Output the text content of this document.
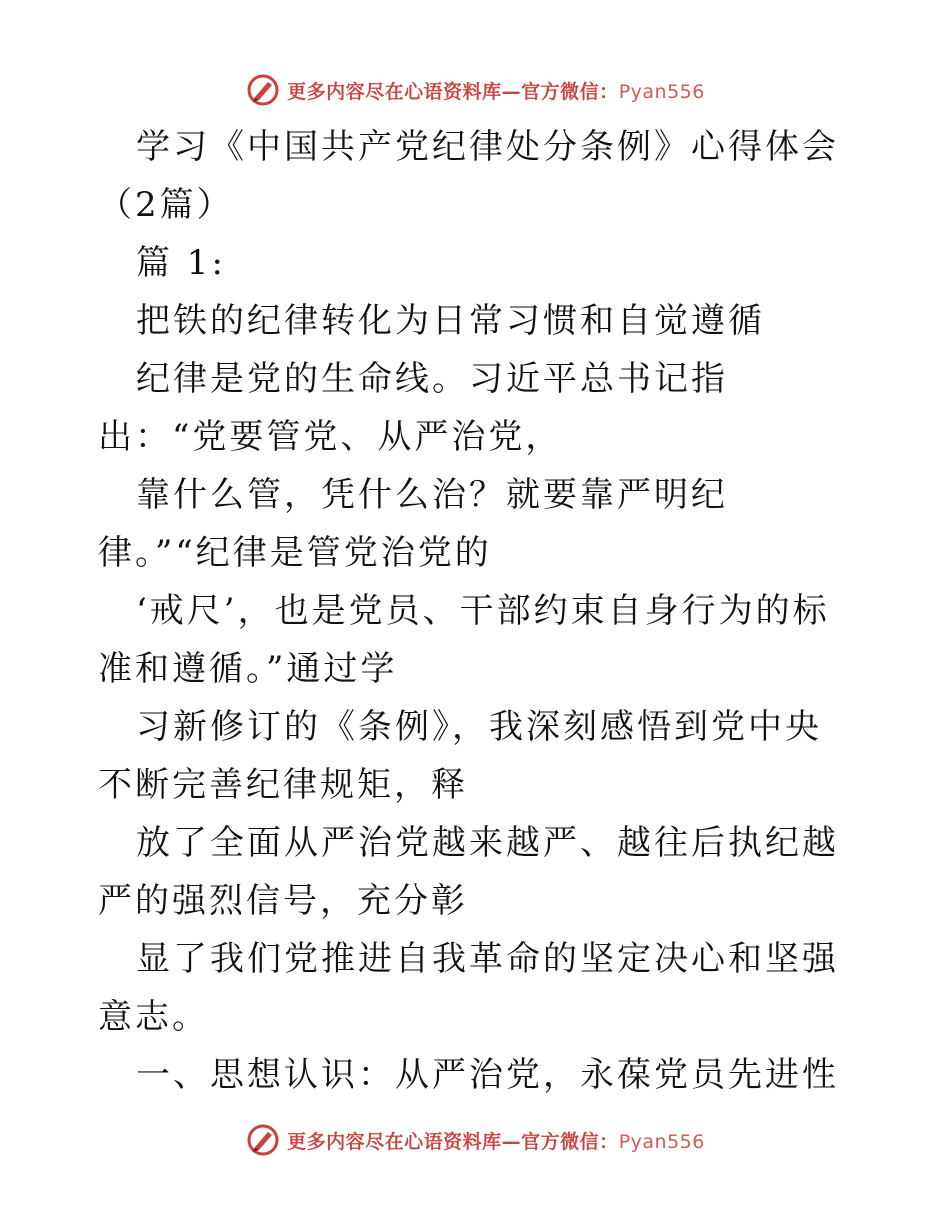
更多内容尽在心语资料库—官方微信：Pyan556

学习《中国共产党纪律处分条例》心得体会（2篇）

篇 1:

把铁的纪律转化为日常习惯和自觉遵循

纪律是党的生命线。习近平总书记指出：“党要管党、从严治党，

靠什么管，凭什么治？就要靠严明纪律。”“纪律是管党治党的

‘戒尺’，也是党员、干部约束自身行为的标准和遵循。”通过学

习新修订的《条例》，我深刻感悟到党中央不断完善纪律规矩，释

放了全面从严治党越来越严、越往后执纪越严的强烈信号，充分彰

显了我们党推进自我革命的坚定决心和坚强意志。

一、思想认识：从严治党，永葆党员先进性

更多内容尽在心语资料库—官方微信：Pyan556
